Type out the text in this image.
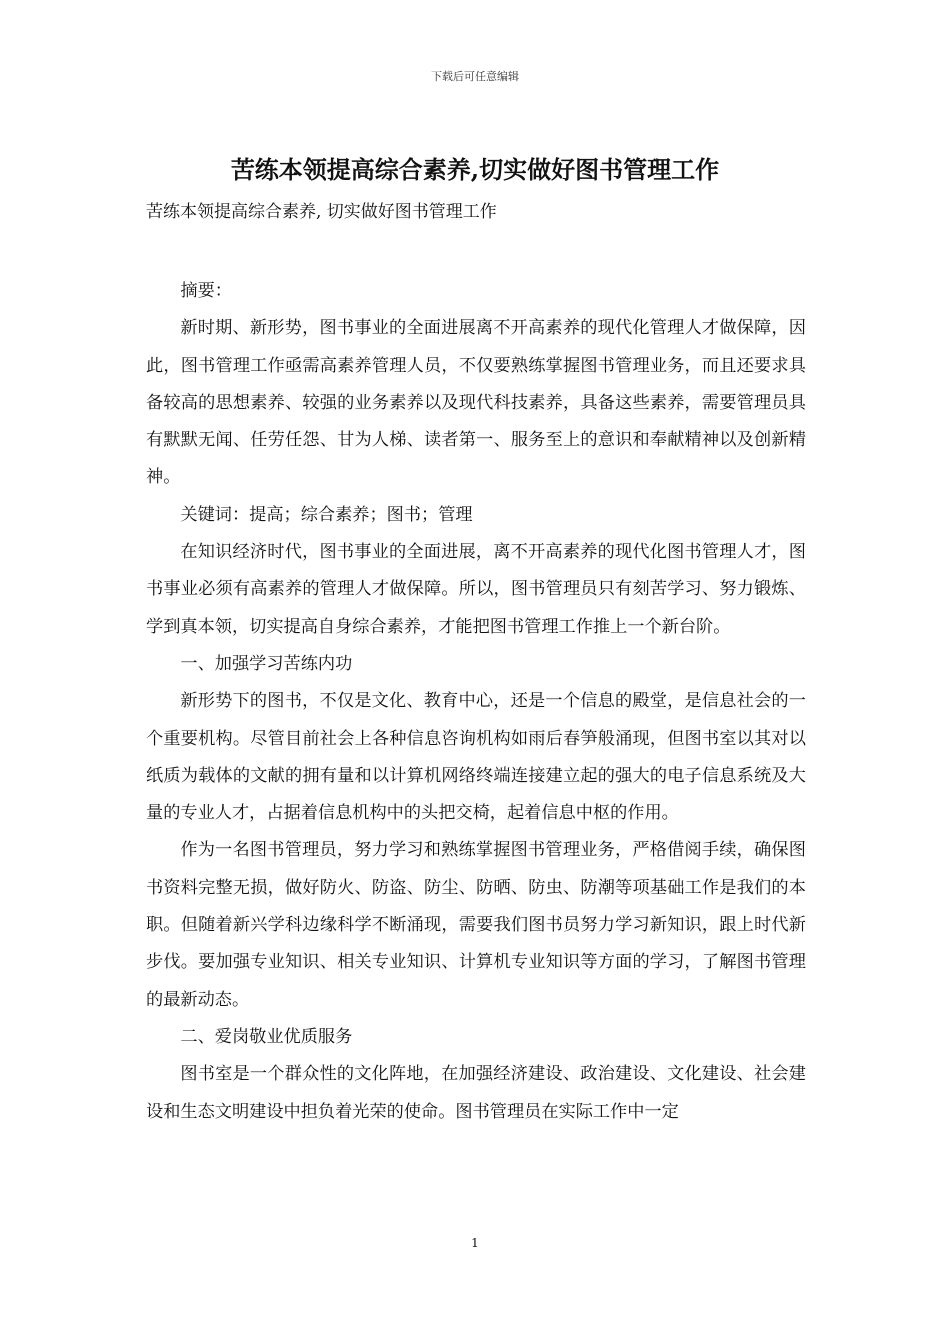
下载后可任意编辑
苦练本领提高综合素养,切实做好图书管理工作

苦练本领提高综合素养, 切实做好图书管理工作

摘要：

新时期、新形势，图书事业的全面进展离不开高素养的现代化管理人才做保障，因此，图书管理工作亟需高素养管理人员，不仅要熟练掌握图书管理业务，而且还要求具备较高的思想素养、较强的业务素养以及现代科技素养，具备这些素养，需要管理员具有默默无闻、任劳任怨、甘为人梯、读者第一、服务至上的意识和奉献精神以及创新精神。

关键词：提高；综合素养；图书；管理

在知识经济时代，图书事业的全面进展，离不开高素养的现代化图书管理人才，图书事业必须有高素养的管理人才做保障。所以，图书管理员只有刻苦学习、努力锻炼、学到真本领，切实提高自身综合素养，才能把图书管理工作推上一个新台阶。

一、加强学习苦练内功

新形势下的图书，不仅是文化、教育中心，还是一个信息的殿堂，是信息社会的一个重要机构。尽管目前社会上各种信息咨询机构如雨后春笋般涌现，但图书室以其对以纸质为载体的文献的拥有量和以计算机网络终端连接建立起的强大的电子信息系统及大量的专业人才，占据着信息机构中的头把交椅，起着信息中枢的作用。

作为一名图书管理员，努力学习和熟练掌握图书管理业务，严格借阅手续，确保图书资料完整无损，做好防火、防盗、防尘、防晒、防虫、防潮等项基础工作是我们的本职。但随着新兴学科边缘科学不断涌现，需要我们图书员努力学习新知识，跟上时代新步伐。要加强专业知识、相关专业知识、计算机专业知识等方面的学习，了解图书管理的最新动态。

二、爱岗敬业优质服务

图书室是一个群众性的文化阵地，在加强经济建设、政治建设、文化建设、社会建设和生态文明建设中担负着光荣的使命。图书管理员在实际工作中一定

1
